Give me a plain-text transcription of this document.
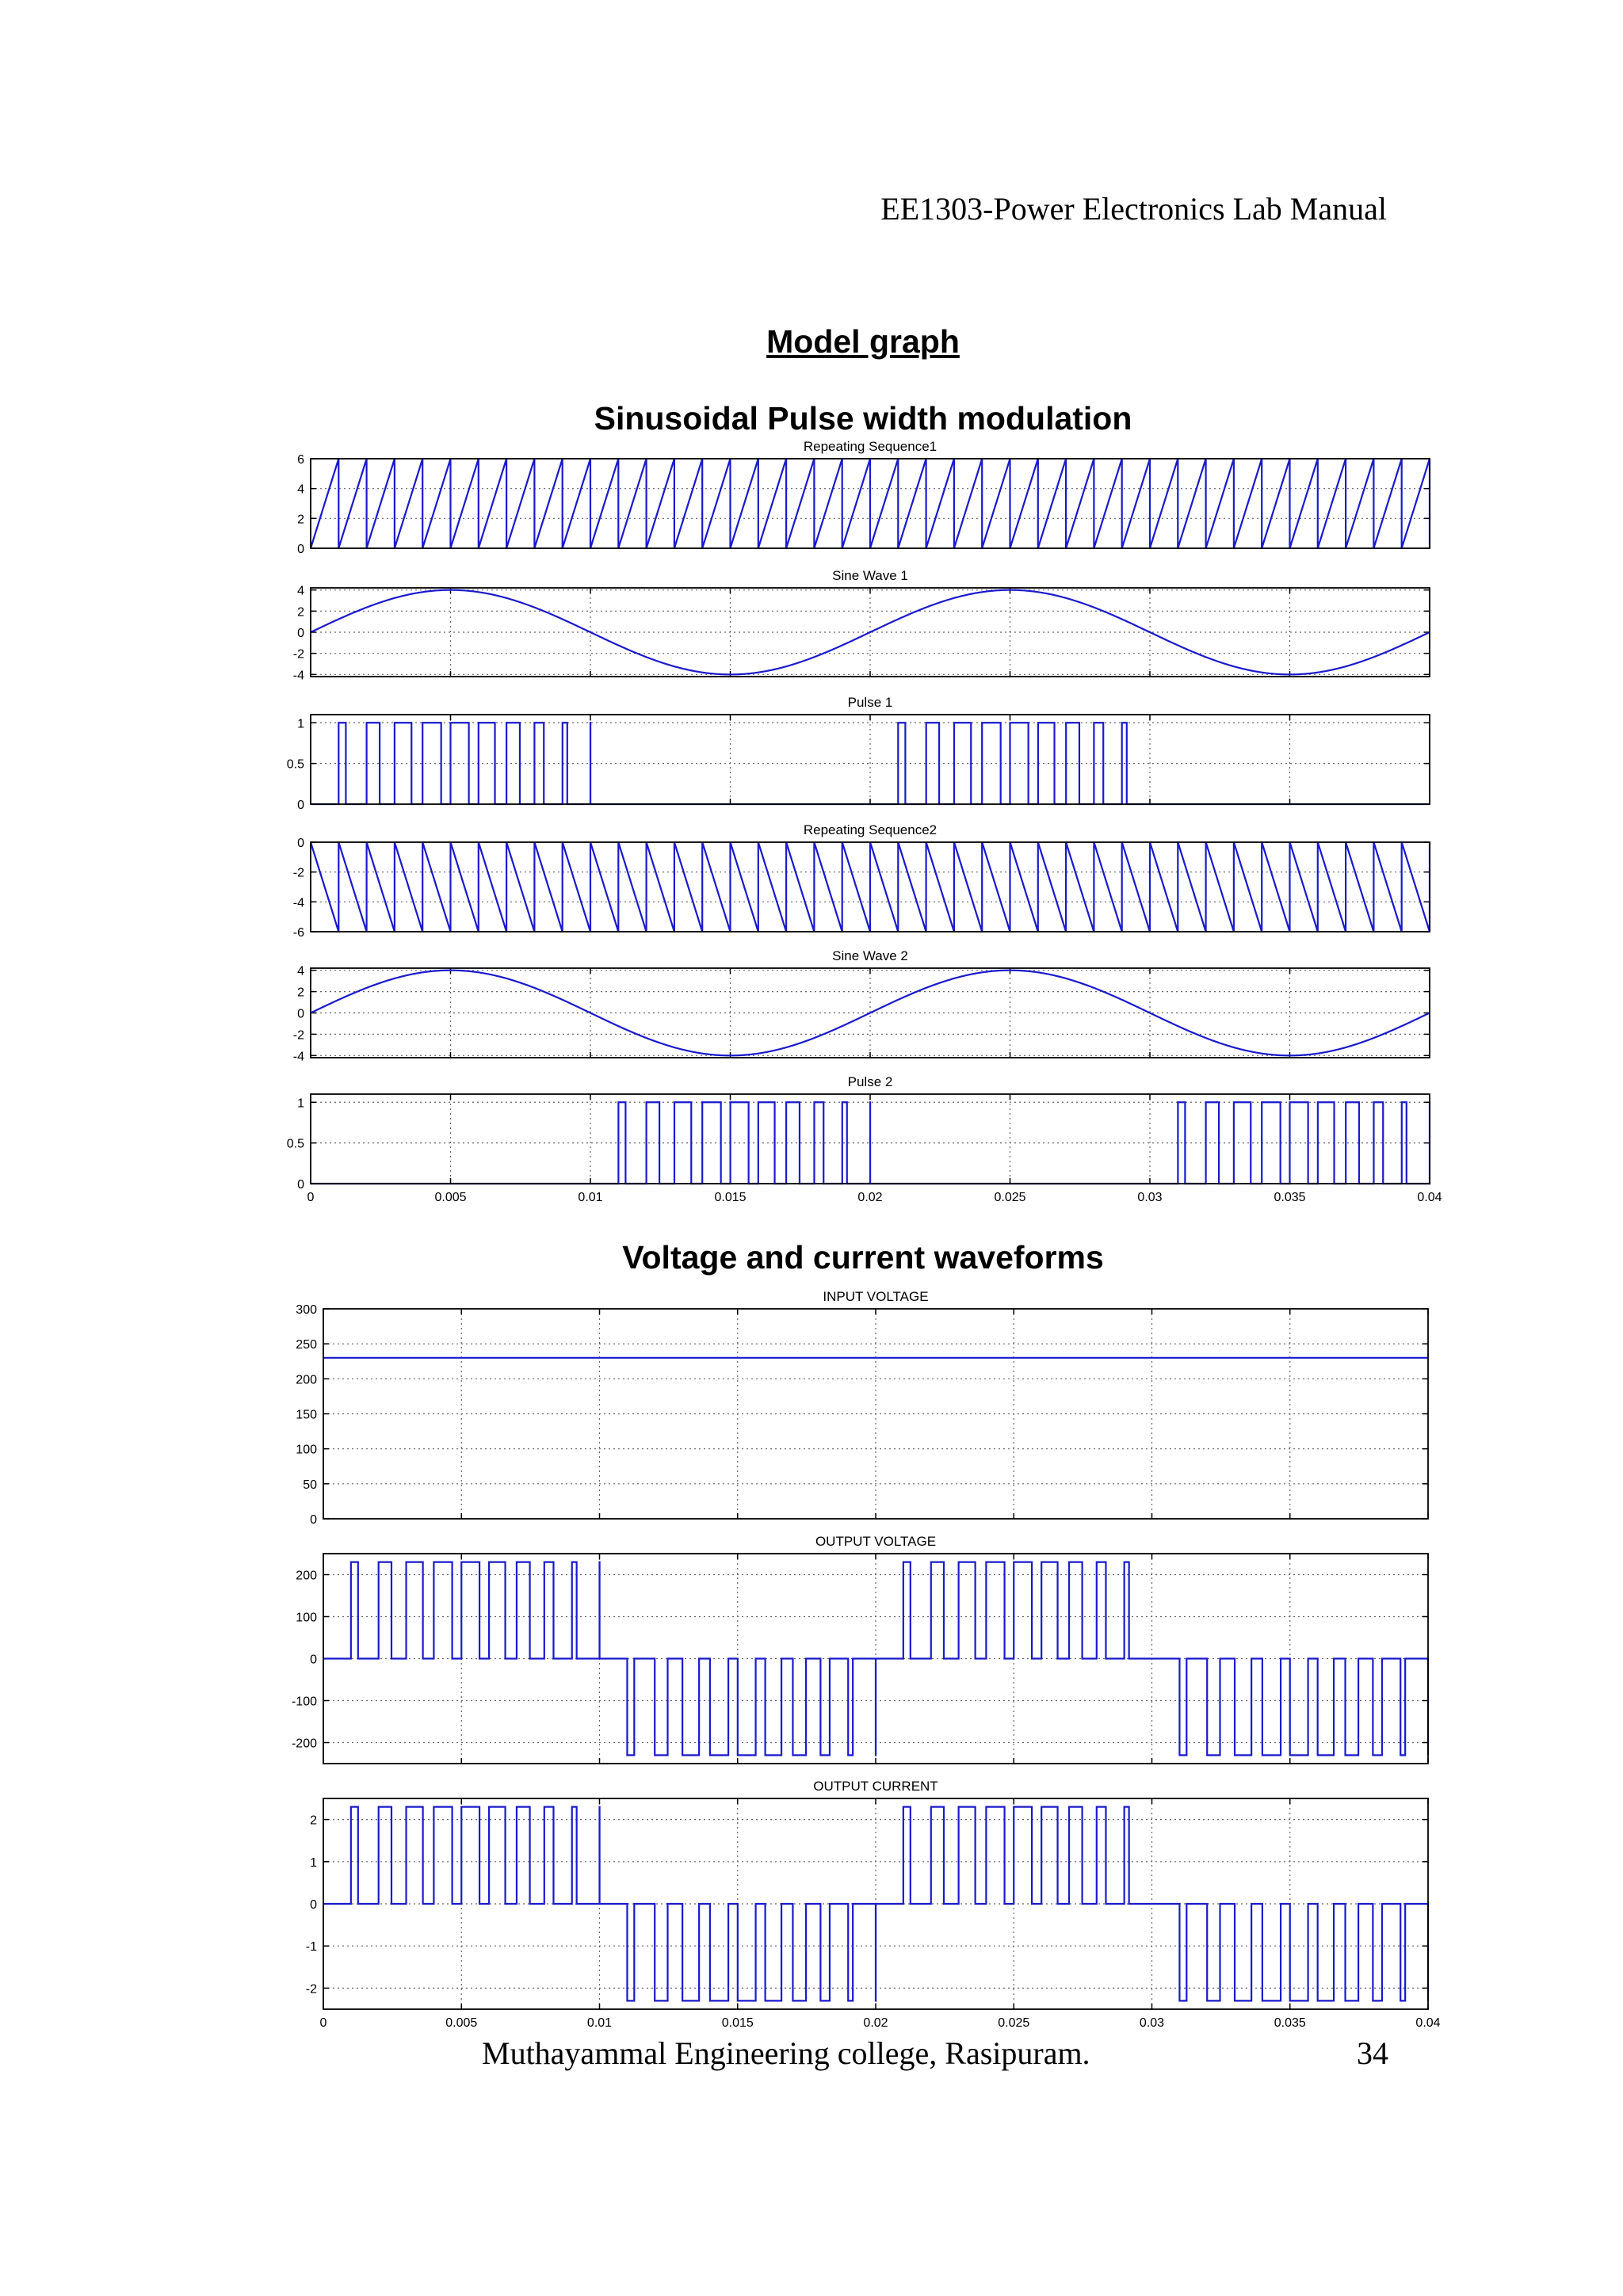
EE1303-Power Electronics Lab Manual
Model graph
Sinusoidal Pulse width modulation
Voltage and current waveforms
Repeating Sequence1
0
2
4
6
Sine Wave 1
-4
-2
0
2
4
Pulse 1
0
0.5
1
Repeating Sequence2
-6
-4
-2
0
Sine Wave 2
-4
-2
0
2
4
Pulse 2
0	0.005	0.01	0.015	0.02	0.025	0.03	0.035	0.04
0
0.5
1
INPUT VOLTAGE
0
50
100
150
200
250
300
OUTPUT VOLTAGE
-200
-100
0
100
200
OUTPUT CURRENT
0	0.005	0.01	0.015	0.02	0.025	0.03	0.035	0.04
-2
-1
0
1
2
Muthayammal Engineering college, Rasipuram.	34
